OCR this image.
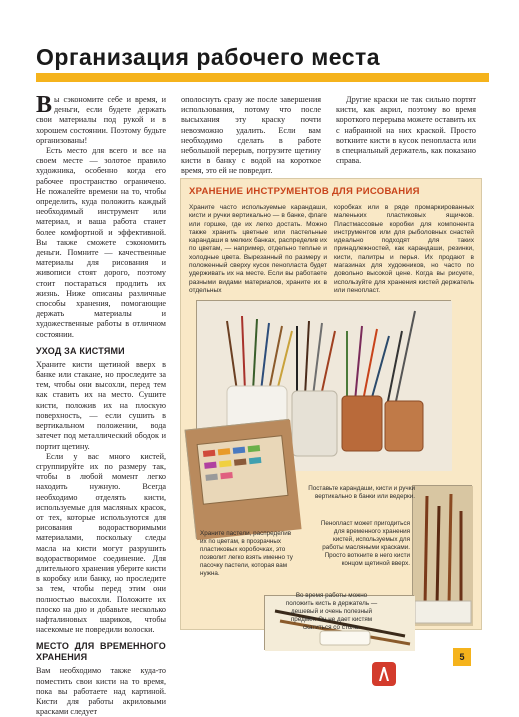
Организация рабочего места

Вы сэкономите себе и время, и деньги, если будете держать свои материалы под рукой и в хорошем состоянии. Поэтому будьте организованы!

Есть место для всего и все на своем месте — золотое правило художника, особенно когда его рабочее пространство ограничено. Не пожалейте времени на то, чтобы определить, куда положить каждый необходимый инструмент или материал, и ваша работа станет более комфортной и эффективной. Вы также сможете сэкономить деньги. Помните — качественные материалы для рисования и живописи стоят дорого, поэтому стоит постараться продлить их жизнь. Ниже описаны различные способы хранения, помогающие держать материалы и художественные работы в отличном состоянии.

УХОД ЗА КИСТЯМИ

Храните кисти щетиной вверх в банке или стакане, но проследите за тем, чтобы они высохли, перед тем как ставить их на место. Сушите кисти, положив их на плоскую поверхность, — если сушить в вертикальном положении, вода затечет под металлический ободок и портит щетину.

Если у вас много кистей, сгруппируйте их по размеру так, чтобы в любой момент легко находить нужную. Всегда необходимо отделять кисти, используемые для масляных красок, от тех, которые используются для рисования водорастворимыми материалами, поскольку следы масла на кисти могут разрушить водорастворимое соединение. Для длительного хранения уберите кисти в коробку или банку, но проследите за тем, чтобы перед этим они полностью высохли. Положите их плоско на дно и добавьте несколько нафталиновых шариков, чтобы насекомые не повредили волоски.

МЕСТО ДЛЯ ВРЕМЕННОГО ХРАНЕНИЯ

Вам необходимо также куда-то поместить свои кисти на то время, пока вы работаете над картиной. Кисти для работы акриловыми красками следует

ополоснуть сразу же после завершения использования, потому что после высыхания эту краску почти невозможно удалить. Если вам необходимо сделать в работе небольшой перерыв, погрузите щетину кисти в банку с водой на короткое время, это ей не повредит.

Другие краски не так сильно портят кисти, как акрил, поэтому во время короткого перерыва можете оставить их с набранной на них краской. Просто воткните кисти в кусок пенопласта или в специальный держатель, как показано справа.

ХРАНЕНИЕ ИНСТРУМЕНТОВ ДЛЯ РИСОВАНИЯ
Храните часто используемые карандаши, кисти и ручки вертикально — в банке, флаге или горшке, где их легко достать. Можно также хранить цветные или пастельные карандаши в мелких банках, распределив их по цветам, — например, отдельно теплые и холодные цвета. Вырезанный по размеру и положенный сверху кусок пенопласта будет удерживать их на месте. Если вы работаете разными видами материалов, храните их в отдельных
коробках или в ряде промаркированных маленьких пластиковых ящичков. Пластмассовые коробки для компонента инструментов или для рыболовных снастей идеально подходят для таких принадлежностей, как карандаши, резинки, кисти, палитры и перья. Их продают в магазинах для художников, но часто по довольно высокой цене. Когда вы рисуете, используйте для хранения кистей держатель или пенопласт.
Поставьте карандаши, кисти и ручки вертикально в банки или ведерки.
Пенопласт может пригодиться для временного хранения кистей, используемых для работы масляными красками. Просто воткните в него кисти концом щетиной вверх.
Храните пастели, распределив их по цветам, в прозрачных пластиковых коробочках, это позволит легко взять именно ту пасочку пастели, которая вам нужна.
Во время работы можно положить кисть в держатель — дешевый и очень полезный предмет. Он не дает кистям скатиться со стола.
5
